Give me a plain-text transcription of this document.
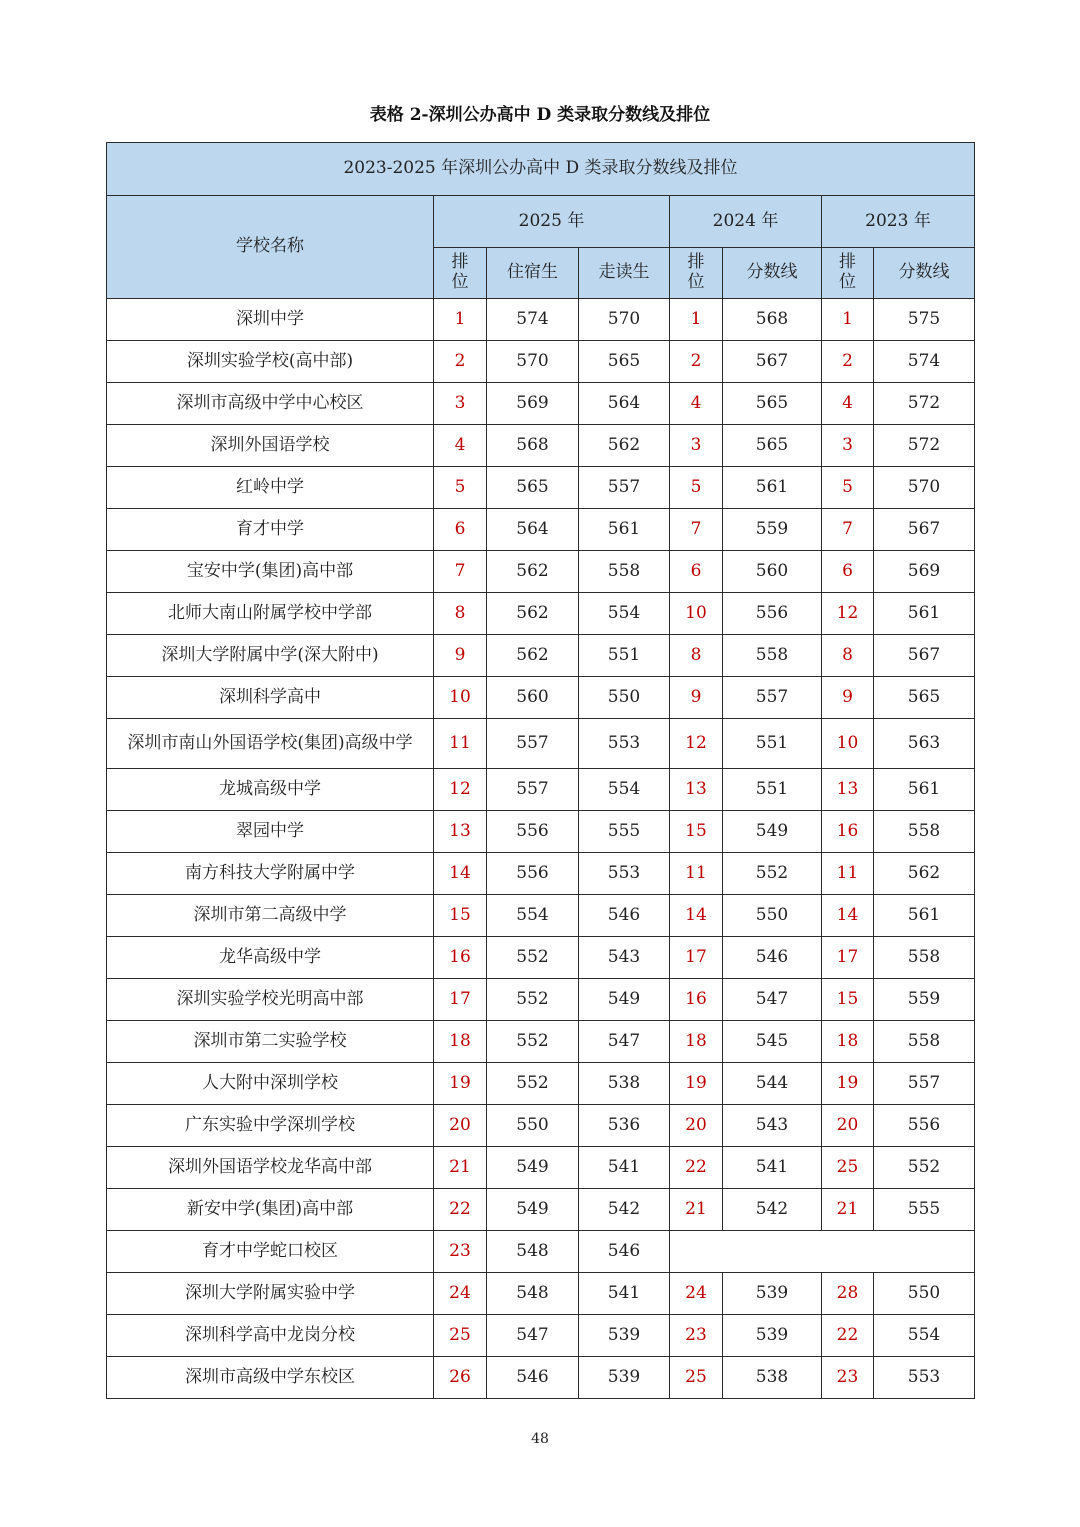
表格 2-深圳公办高中 D 类录取分数线及排位
2023-2025 年深圳公办高中 D 类录取分数线及排位							
学校名称	2025 年			2024 年		2023 年	
	排
位	住宿生	走读生	排
位	分数线	排
位	分数线
深圳中学	1	574	570	1	568	1	575
深圳实验学校(高中部)	2	570	565	2	567	2	574
深圳市高级中学中心校区	3	569	564	4	565	4	572
深圳外国语学校	4	568	562	3	565	3	572
红岭中学	5	565	557	5	561	5	570
育才中学	6	564	561	7	559	7	567
宝安中学(集团)高中部	7	562	558	6	560	6	569
北师大南山附属学校中学部	8	562	554	10	556	12	561
深圳大学附属中学(深大附中)	9	562	551	8	558	8	567
深圳科学高中	10	560	550	9	557	9	565
深圳市南山外国语学校(集团)高级中学	11	557	553	12	551	10	563
龙城高级中学	12	557	554	13	551	13	561
翠园中学	13	556	555	15	549	16	558
南方科技大学附属中学	14	556	553	11	552	11	562
深圳市第二高级中学	15	554	546	14	550	14	561
龙华高级中学	16	552	543	17	546	17	558
深圳实验学校光明高中部	17	552	549	16	547	15	559
深圳市第二实验学校	18	552	547	18	545	18	558
人大附中深圳学校	19	552	538	19	544	19	557
广东实验中学深圳学校	20	550	536	20	543	20	556
深圳外国语学校龙华高中部	21	549	541	22	541	25	552
新安中学(集团)高中部	22	549	542	21	542	21	555
育才中学蛇口校区	23	548	546				
深圳大学附属实验中学	24	548	541	24	539	28	550
深圳科学高中龙岗分校	25	547	539	23	539	22	554
深圳市高级中学东校区	26	546	539	25	538	23	553
48
